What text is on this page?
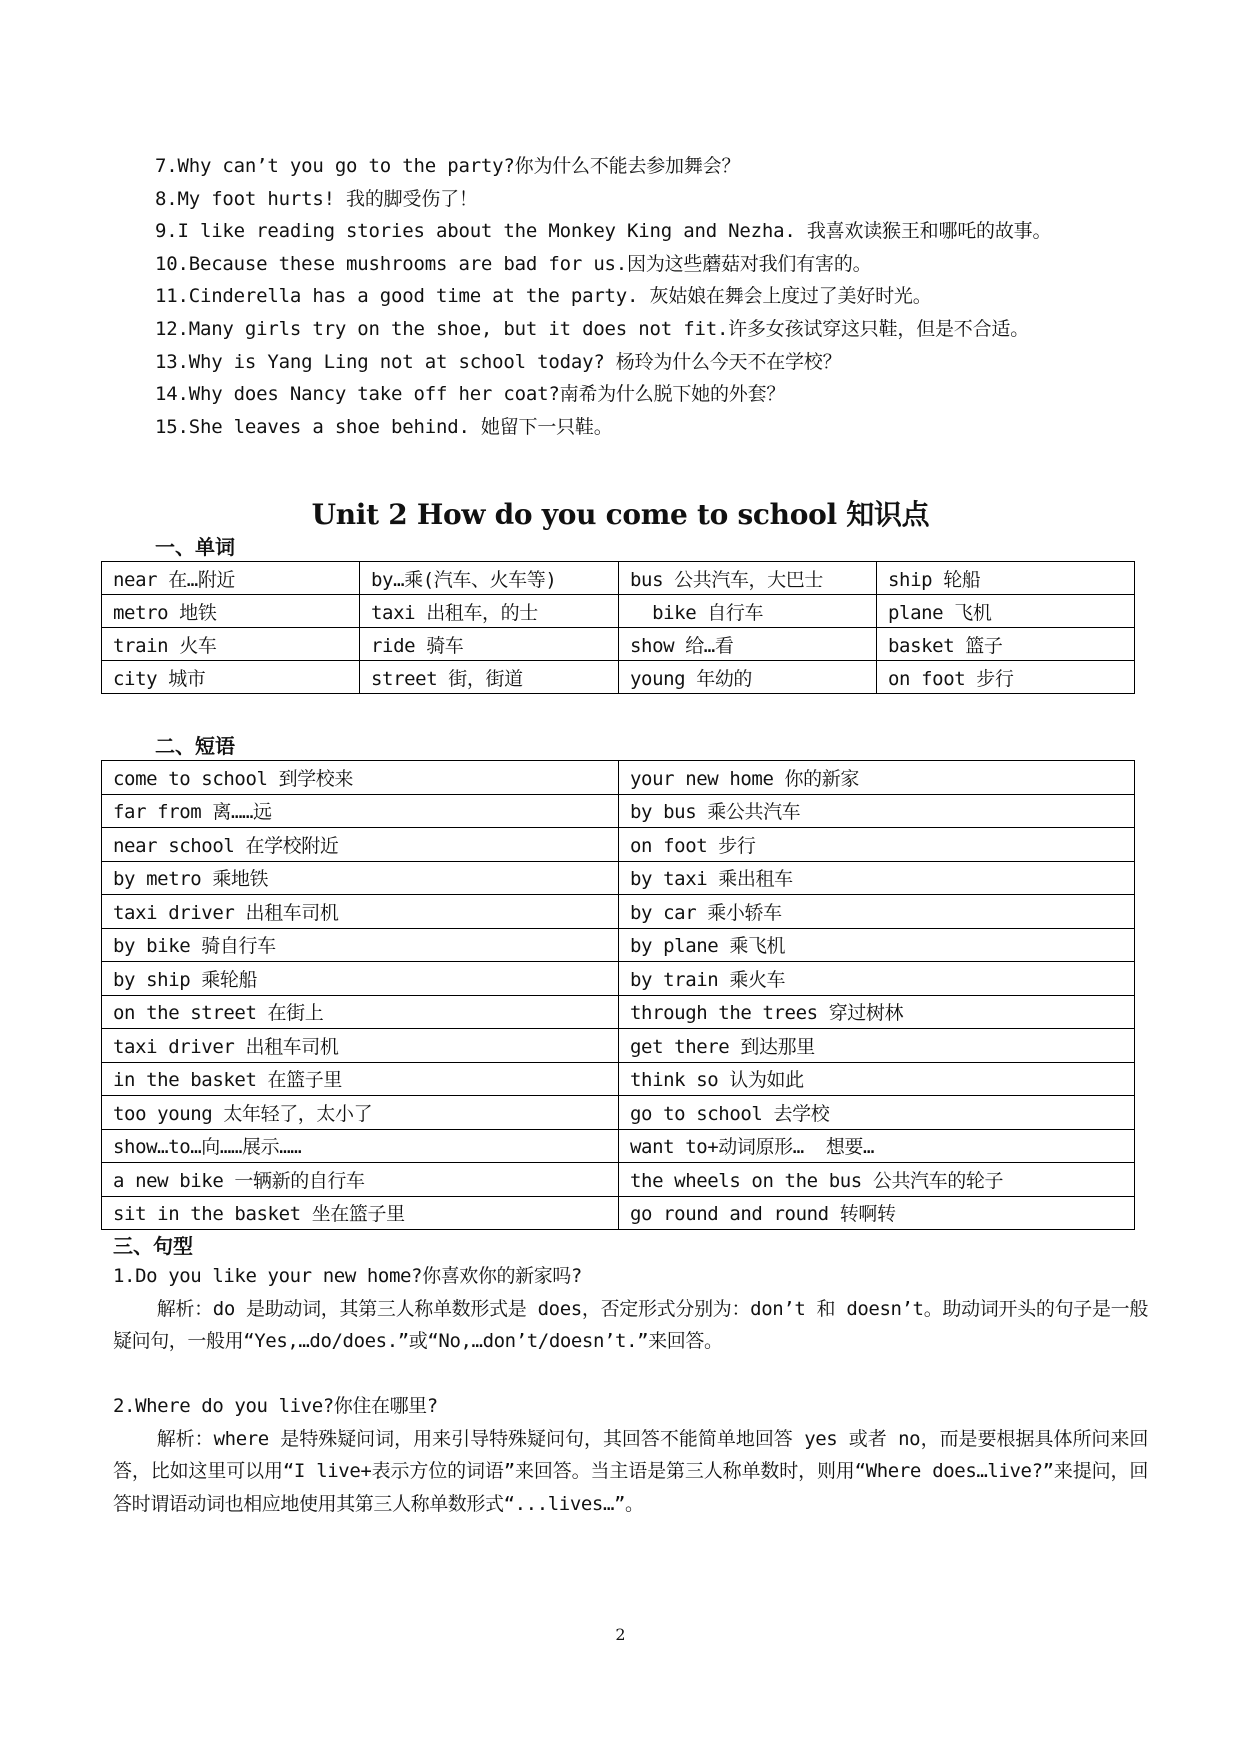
7.Why can’t you go to the party?你为什么不能去参加舞会？
8.My foot hurts! 我的脚受伤了！
9.I like reading stories about the Monkey King and Nezha. 我喜欢读猴王和哪吒的故事。
10.Because these mushrooms are bad for us.因为这些蘑菇对我们有害的。
11.Cinderella has a good time at the party. 灰姑娘在舞会上度过了美好时光。
12.Many girls try on the shoe, but it does not fit.许多女孩试穿这只鞋，但是不合适。
13.Why is Yang Ling not at school today? 杨玲为什么今天不在学校？
14.Why does Nancy take off her coat?南希为什么脱下她的外套？
15.She leaves a shoe behind. 她留下一只鞋。
Unit 2 How do you come to school 知识点
一、单词
near 在…附近	by…乘(汽车、火车等)	bus 公共汽车，大巴士	ship 轮船
metro 地铁	taxi 出租车，的士	bike 自行车	plane 飞机
train 火车	ride 骑车	show 给…看	basket 篮子
city 城市	street 街，街道	young 年幼的	on foot 步行
二、短语
come to school 到学校来	your new home 你的新家
far from 离……远	by bus 乘公共汽车
near school 在学校附近	on foot 步行
by metro 乘地铁	by taxi 乘出租车
taxi driver 出租车司机	by car 乘小轿车
by bike 骑自行车	by plane 乘飞机
by ship 乘轮船	by train 乘火车
on the street 在街上	through the trees 穿过树林
taxi driver 出租车司机	get there 到达那里
in the basket 在篮子里	think so 认为如此
too young 太年轻了，太小了	go to school 去学校
show…to…向……展示……	want to+动词原形…  想要…
a new bike 一辆新的自行车	the wheels on the bus 公共汽车的轮子
sit in the basket 坐在篮子里	go round and round 转啊转
三、句型
1.Do you like your new home?你喜欢你的新家吗?
解析：do 是助动词，其第三人称单数形式是 does，否定形式分别为：don’t 和 doesn’t。助动词开头的句子是一般疑问句，一般用“Yes,…do/does.”或“No,…don’t/doesn’t.”来回答。
2.Where do you live?你住在哪里?
解析：where 是特殊疑问词，用来引导特殊疑问句，其回答不能简单地回答 yes 或者 no，而是要根据具体所问来回答，比如这里可以用“I live+表示方位的词语”来回答。当主语是第三人称单数时，则用“Where does…live?”来提问，回答时谓语动词也相应地使用其第三人称单数形式“...lives…”。
2
